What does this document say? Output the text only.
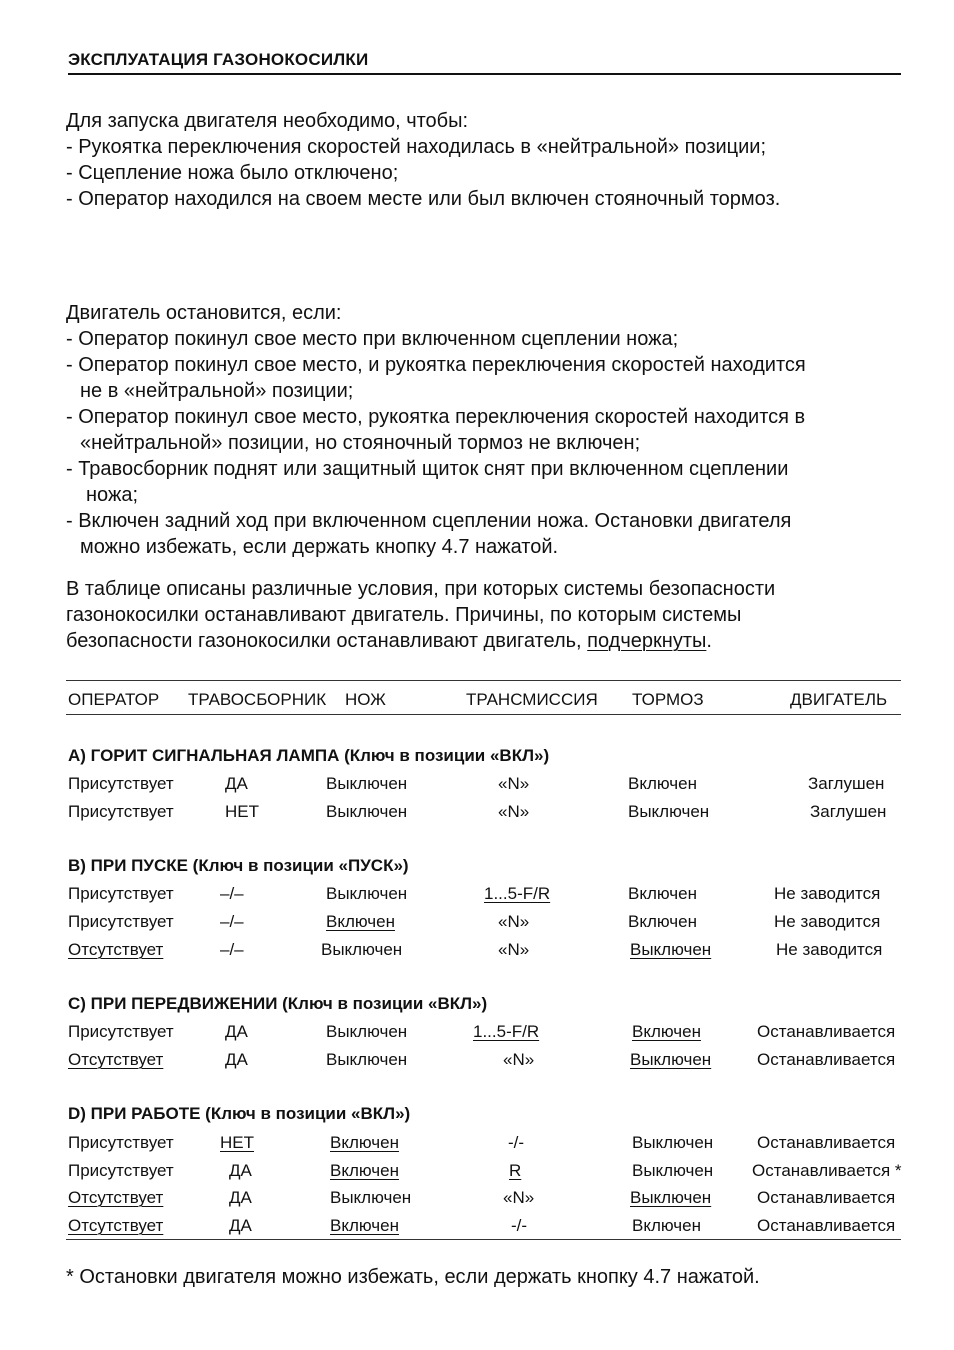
ЭКСПЛУАТАЦИЯ ГАЗОНОКОСИЛКИ
Для запуска двигателя необходимо, чтобы:
- Рукоятка переключения скоростей находилась в «нейтральной» позиции;
- Сцепление ножа было отключено;
- Оператор находился на своем месте или был включен стояночный тормоз.
Двигатель остановится, если:
- Оператор покинул свое место при включенном сцеплении ножа;
- Оператор покинул свое место, и рукоятка переключения скоростей находится
не в «нейтральной» позиции;
- Оператор покинул свое место, рукоятка переключения скоростей находится в
«нейтральной» позиции, но стояночный тормоз не включен;
- Травосборник поднят или защитный щиток снят при включенном сцеплении
ножа;
- Включен задний ход при включенном сцеплении ножа. Остановки двигателя
можно избежать, если держать кнопку 4.7 нажатой.
В таблице описаны различные условия, при которых системы безопасности
газонокосилки останавливают двигатель. Причины, по которым системы
безопасности газонокосилки останавливают двигатель, подчеркнуты.
ОПЕРАТОР ТРАВОСБОРНИК НОЖ	ТРАНСМИССИЯ ТОРМОЗ	ДВИГАТЕЛЬ
A) ГОРИТ СИГНАЛЬНАЯ ЛАМПА (Ключ в позиции «ВКЛ»)
Присутствует	ДА	Выключен	«N»	Включен	Заглушен
Присутствует	НЕТ	Выключен	«N»	Выключен	Заглушен
B) ПРИ ПУСКЕ (Ключ в позиции «ПУСК»)
Присутствует	–/–	Выключен	1...5-F/R	Включен	Не заводится
Присутствует	–/–	Включен	«N»	Включен	Не заводится
Отсутствует	–/–	Выключен	«N»	Выключен	Не заводится
C) ПРИ ПЕРЕДВИЖЕНИИ (Ключ в позиции «ВКЛ»)
Присутствует	ДА	Выключен	1...5-F/R	Включен	Останавливается
Отсутствует	ДА	Выключен	«N»	Выключен	Останавливается
D) ПРИ РАБОТЕ (Ключ в позиции «ВКЛ»)
Присутствует	НЕТ	Включен	-/-	Выключен	Останавливается
Присутствует	ДА	Включен	R	Выключен Останавливается *
Отсутствует	ДА	Выключен	«N»	Выключен	Останавливается
Отсутствует	ДА	Включен	-/-	Включен	Останавливается
* Остановки двигателя можно избежать, если держать кнопку 4.7 нажатой.
